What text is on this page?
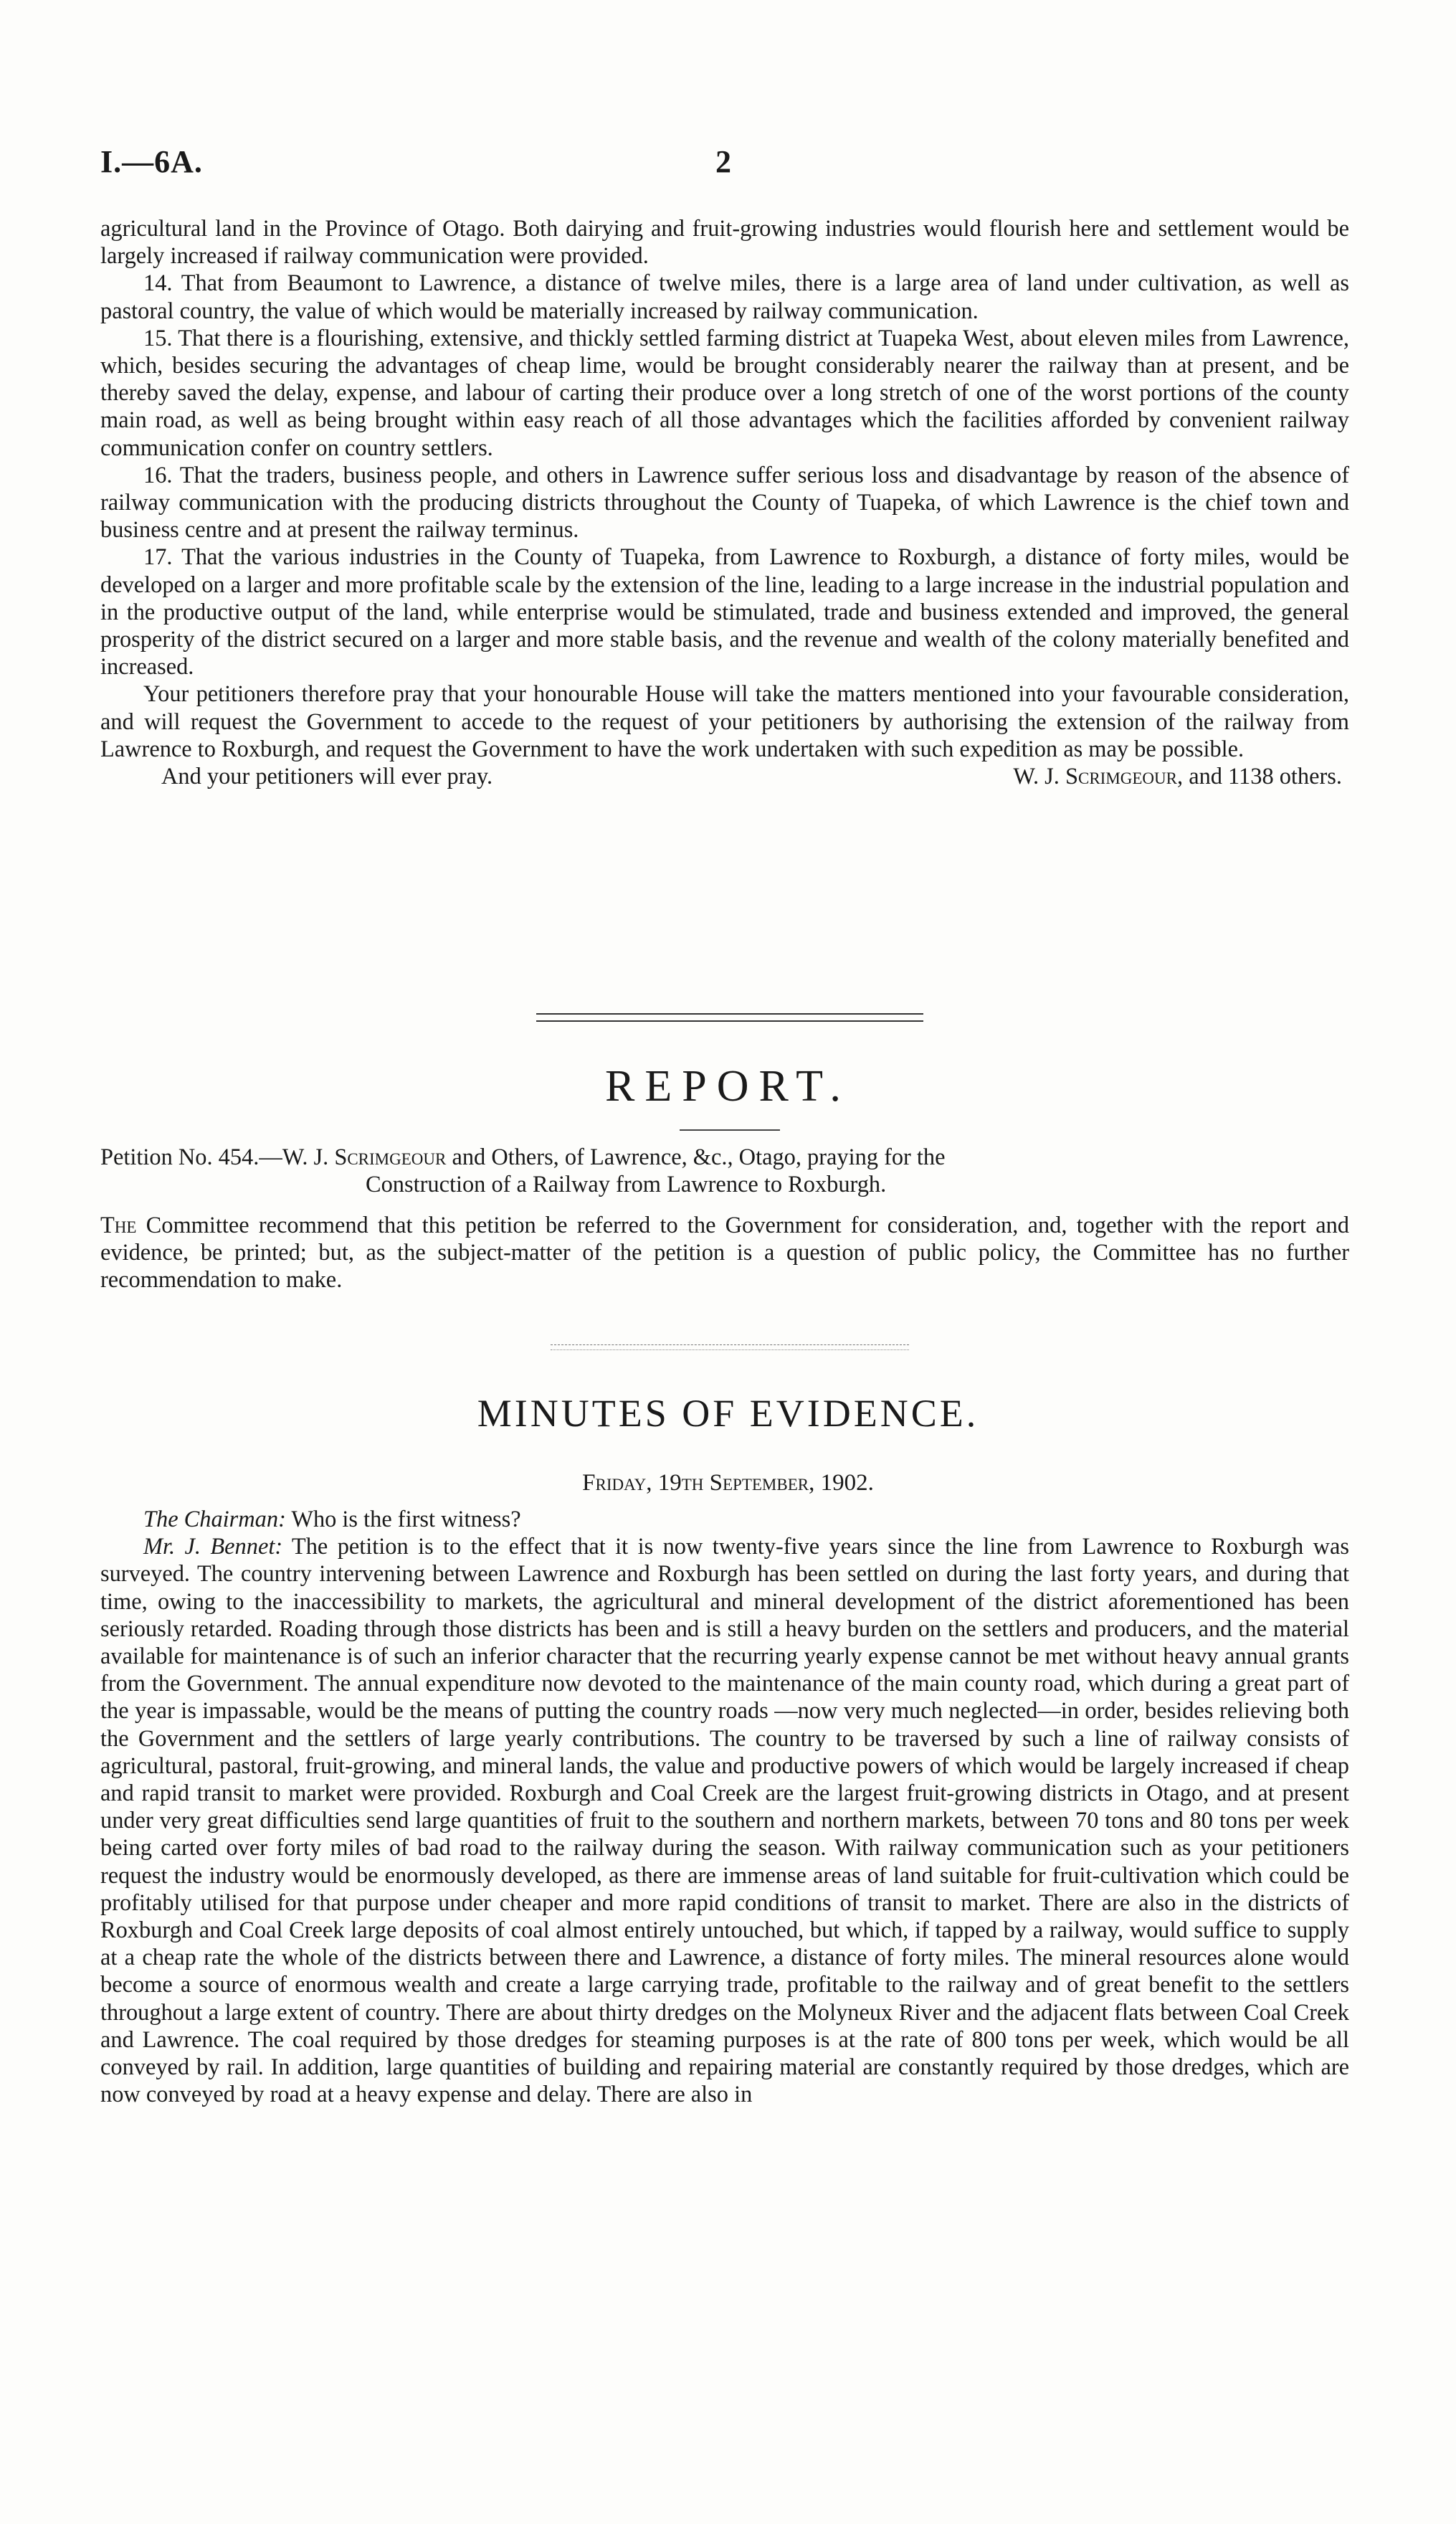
I.—6A.	2

agricultural land in the Province of Otago. Both dairying and fruit-growing industries would flourish here and settlement would be largely increased if railway communication were provided.

14. That from Beaumont to Lawrence, a distance of twelve miles, there is a large area of land under cultivation, as well as pastoral country, the value of which would be materially increased by railway communication.

15. That there is a flourishing, extensive, and thickly settled farming district at Tuapeka West, about eleven miles from Lawrence, which, besides securing the advantages of cheap lime, would be brought considerably nearer the railway than at present, and be thereby saved the delay, expense, and labour of carting their produce over a long stretch of one of the worst portions of the county main road, as well as being brought within easy reach of all those advantages which the facilities afforded by convenient railway communication confer on country settlers.

16. That the traders, business people, and others in Lawrence suffer serious loss and disadvantage by reason of the absence of railway communication with the producing districts throughout the County of Tuapeka, of which Lawrence is the chief town and business centre and at present the railway terminus.

17. That the various industries in the County of Tuapeka, from Lawrence to Roxburgh, a distance of forty miles, would be developed on a larger and more profitable scale by the extension of the line, leading to a large increase in the industrial population and in the productive output of the land, while enterprise would be stimulated, trade and business extended and improved, the general prosperity of the district secured on a larger and more stable basis, and the revenue and wealth of the colony materially benefited and increased.

Your petitioners therefore pray that your honourable House will take the matters mentioned into your favourable consideration, and will request the Government to accede to the request of your petitioners by authorising the extension of the railway from Lawrence to Roxburgh, and request the Government to have the work undertaken with such expedition as may be possible.

And your petitioners will ever pray.	W. J. Scrimgeour, and 1138 others.
REPORT.
Petition No. 454.—W. J. Scrimgeour and Others, of Lawrence, &c., Otago, praying for the
Construction of a Railway from Lawrence to Roxburgh.

The Committee recommend that this petition be referred to the Government for consideration, and, together with the report and evidence, be printed; but, as the subject-matter of the petition is a question of public policy, the Committee has no further recommendation to make.

MINUTES OF EVIDENCE.
Friday, 19th September, 1902.

The Chairman: Who is the first witness?

Mr. J. Bennet: The petition is to the effect that it is now twenty-five years since the line from Lawrence to Roxburgh was surveyed. The country intervening between Lawrence and Roxburgh has been settled on during the last forty years, and during that time, owing to the inaccessibility to markets, the agricultural and mineral development of the district aforementioned has been seriously retarded. Roading through those districts has been and is still a heavy burden on the settlers and producers, and the material available for maintenance is of such an inferior character that the recurring yearly expense cannot be met without heavy annual grants from the Government. The annual expenditure now devoted to the maintenance of the main county road, which during a great part of the year is impassable, would be the means of putting the country roads —now very much neglected—in order, besides relieving both the Government and the settlers of large yearly contributions. The country to be traversed by such a line of railway consists of agricultural, pastoral, fruit-growing, and mineral lands, the value and productive powers of which would be largely increased if cheap and rapid transit to market were provided. Roxburgh and Coal Creek are the largest fruit-growing districts in Otago, and at present under very great difficulties send large quantities of fruit to the southern and northern markets, between 70 tons and 80 tons per week being carted over forty miles of bad road to the railway during the season. With railway communication such as your petitioners request the industry would be enormously developed, as there are immense areas of land suitable for fruit-cultivation which could be profitably utilised for that purpose under cheaper and more rapid conditions of transit to market. There are also in the districts of Roxburgh and Coal Creek large deposits of coal almost entirely untouched, but which, if tapped by a railway, would suffice to supply at a cheap rate the whole of the districts between there and Lawrence, a distance of forty miles. The mineral resources alone would become a source of enormous wealth and create a large carrying trade, profitable to the railway and of great benefit to the settlers throughout a large extent of country. There are about thirty dredges on the Molyneux River and the adjacent flats between Coal Creek and Lawrence. The coal required by those dredges for steaming purposes is at the rate of 800 tons per week, which would be all conveyed by rail. In addition, large quantities of building and repairing material are constantly required by those dredges, which are now conveyed by road at a heavy expense and delay. There are also in
